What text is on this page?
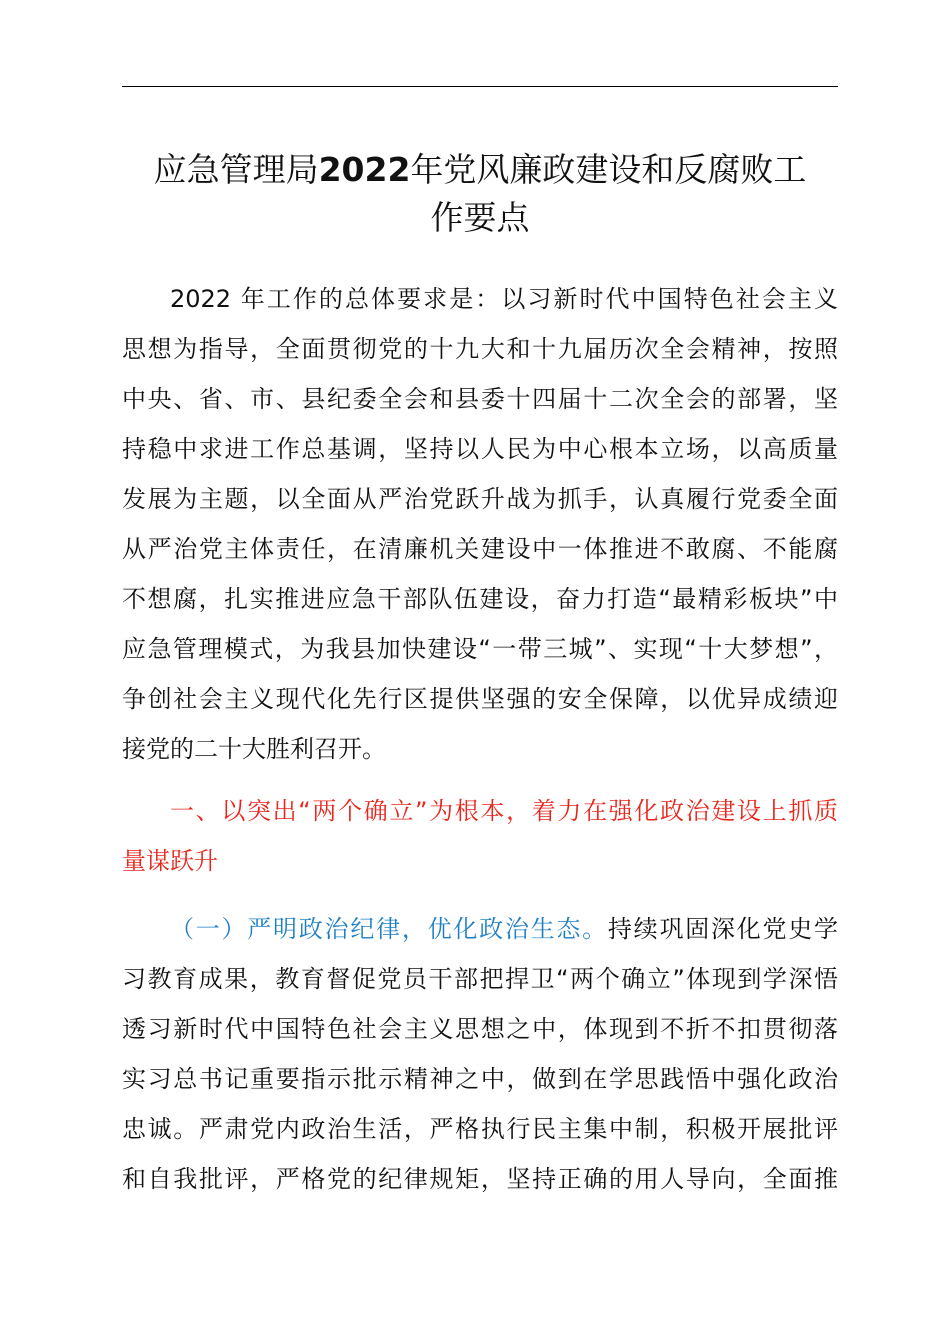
应急管理局2022年党风廉政建设和反腐败工
作要点
2022 年工作的总体要求是：以习新时代中国特色社会主义
思想为指导，全面贯彻党的十九大和十九届历次全会精神，按照
中央、省、市、县纪委全会和县委十四届十二次全会的部署，坚
持稳中求进工作总基调，坚持以人民为中心根本立场，以高质量
发展为主题，以全面从严治党跃升战为抓手，认真履行党委全面
从严治党主体责任，在清廉机关建设中一体推进不敢腐、不能腐
不想腐，扎实推进应急干部队伍建设，奋力打造“最精彩板块”中
应急管理模式，为我县加快建设“一带三城”、实现“十大梦想”，
争创社会主义现代化先行区提供坚强的安全保障，以优异成绩迎
接党的二十大胜利召开。
一、以突出“两个确立”为根本，着力在强化政治建设上抓质
量谋跃升
（一）严明政治纪律，优化政治生态。持续巩固深化党史学
习教育成果，教育督促党员干部把捍卫“两个确立”体现到学深悟
透习新时代中国特色社会主义思想之中，体现到不折不扣贯彻落
实习总书记重要指示批示精神之中，做到在学思践悟中强化政治
忠诚。严肃党内政治生活，严格执行民主集中制，积极开展批评
和自我批评，严格党的纪律规矩，坚持正确的用人导向，全面推
